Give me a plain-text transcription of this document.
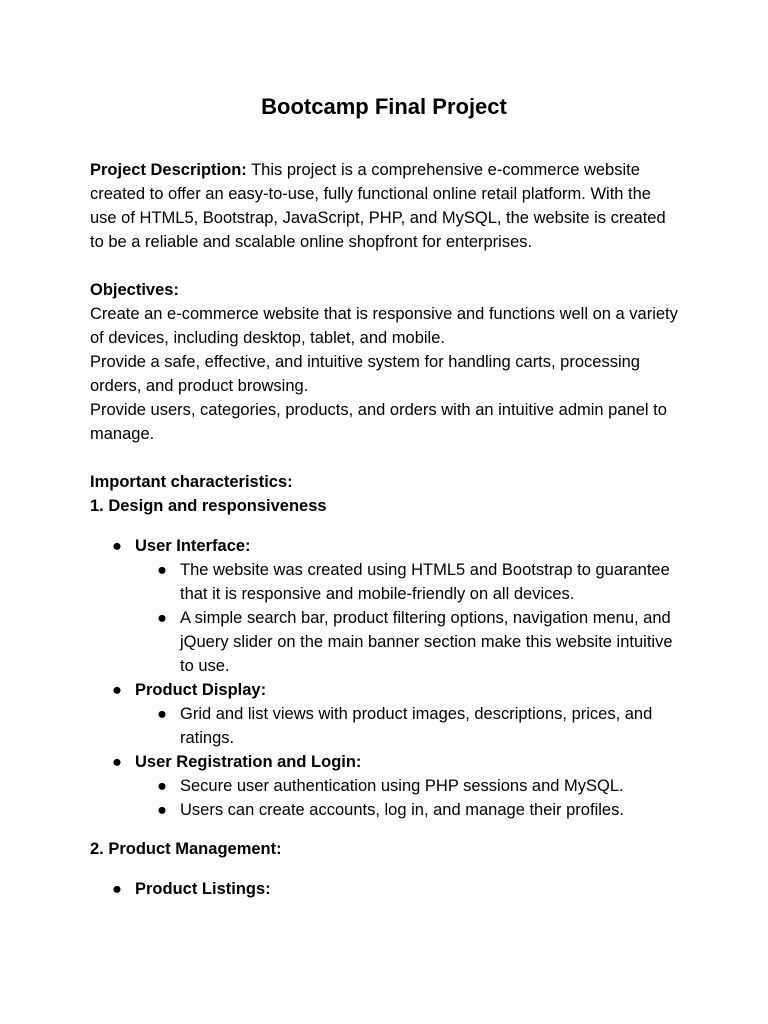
Bootcamp Final Project

Project Description: This project is a comprehensive e-commerce website created to offer an easy-to-use, fully functional online retail platform. With the use of HTML5, Bootstrap, JavaScript, PHP, and MySQL, the website is created to be a reliable and scalable online shopfront for enterprises.

Objectives:

Create an e-commerce website that is responsive and functions well on a variety of devices, including desktop, tablet, and mobile.

Provide a safe, effective, and intuitive system for handling carts, processing orders, and product browsing.

Provide users, categories, products, and orders with an intuitive admin panel to manage.

Important characteristics:

1. Design and responsiveness

● User Interface:
● The website was created using HTML5 and Bootstrap to guarantee that it is responsive and mobile-friendly on all devices.
● A simple search bar, product filtering options, navigation menu, and jQuery slider on the main banner section make this website intuitive to use.
● Product Display:
● Grid and list views with product images, descriptions, prices, and ratings.
● User Registration and Login:
● Secure user authentication using PHP sessions and MySQL.
● Users can create accounts, log in, and manage their profiles.

2. Product Management:

● Product Listings:
